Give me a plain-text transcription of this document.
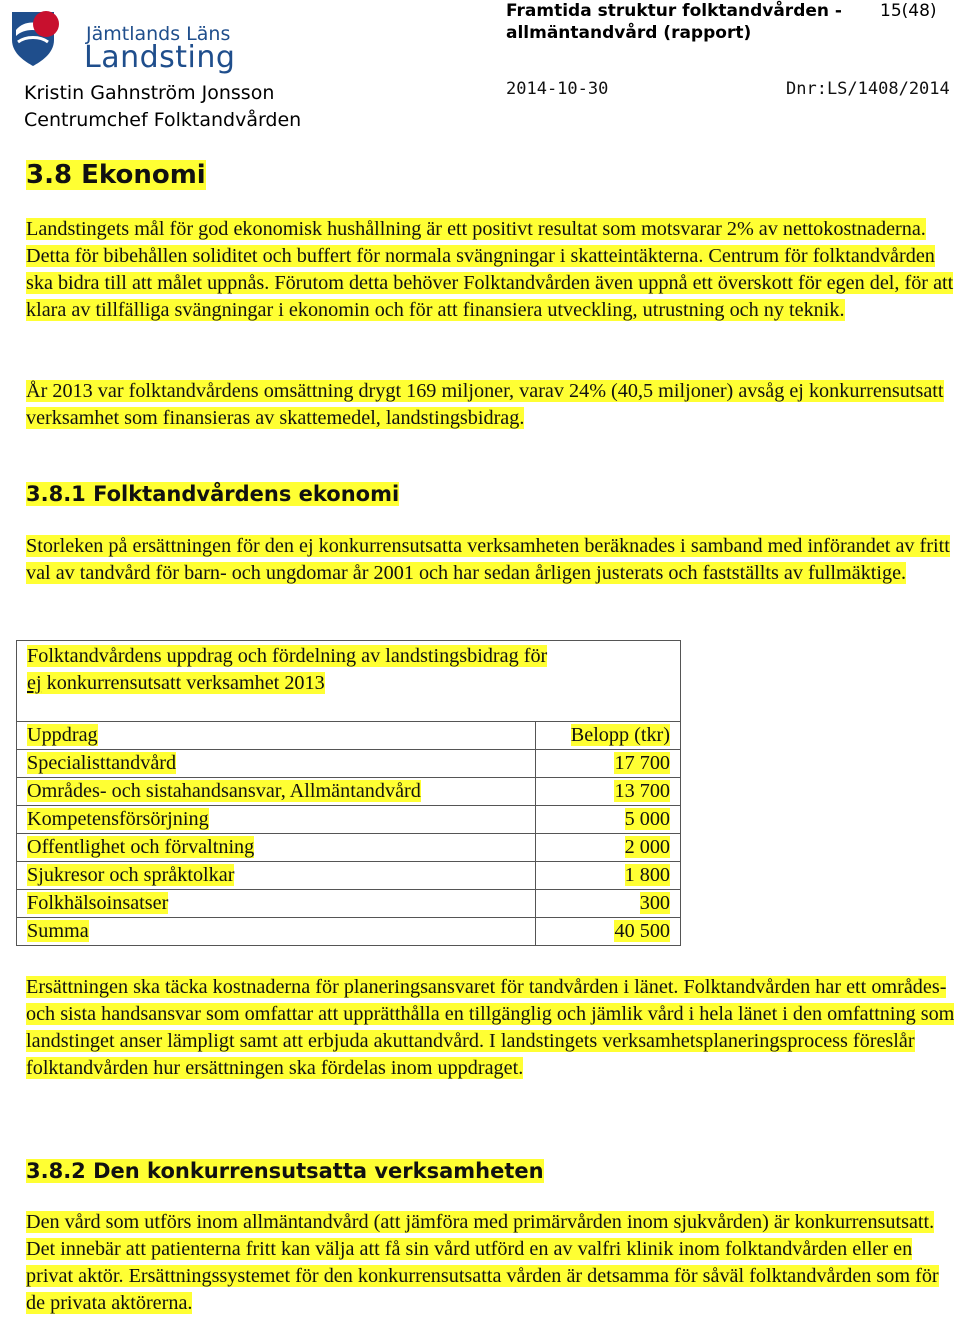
Jämtlands Läns
Landsting
Kristin Gahnström Jonsson
Centrumchef Folktandvården
Framtida struktur folktandvården -
allmäntandvård (rapport)
15(48)
2014-10-30	Dnr:LS/1408/2014
3.8 Ekonomi

Landstingets mål för god ekonomisk hushållning är ett positivt resultat som motsvarar 2% av nettokostnaderna. Detta för bibehållen soliditet och buffert för normala svängningar i skatteintäkterna. Centrum för folktandvården ska bidra till att målet uppnås. Förutom detta behöver Folktandvården även uppnå ett överskott för egen del, för att klara av tillfälliga svängningar i ekonomin och för att finansiera utveckling, utrustning och ny teknik.

År 2013 var folktandvårdens omsättning drygt 169 miljoner, varav 24% (40,5 miljoner) avsåg ej konkurrensutsatt verksamhet som finansieras av skattemedel, landstingsbidrag.

3.8.1 Folktandvårdens ekonomi

Storleken på ersättningen för den ej konkurrensutsatta verksamheten beräknades i samband med införandet av fritt val av tandvård för barn- och ungdomar år 2001 och har sedan årligen justerats och fastställts av fullmäktige.

Folktandvårdens uppdrag och fördelning av landstingsbidrag för
ej konkurrensutsatt verksamhet 2013
Uppdrag	Belopp (tkr)
Specialisttandvård	17 700
Områdes- och sistahandsansvar, Allmäntandvård	13 700
Kompetensförsörjning	5 000
Offentlighet och förvaltning	2 000
Sjukresor och språktolkar	1 800
Folkhälsoinsatser	300
Summa	40 500

Ersättningen ska täcka kostnaderna för planeringsansvaret för tandvården i länet. Folktandvården har ett områdes- och sista handsansvar som omfattar att upprätthålla en tillgänglig och jämlik vård i hela länet i den omfattning som landstinget anser lämpligt samt att erbjuda akuttandvård. I landstingets verksamhetsplaneringsprocess föreslår folktandvården hur ersättningen ska fördelas inom uppdraget.

3.8.2 Den konkurrensutsatta verksamheten

Den vård som utförs inom allmäntandvård (att jämföra med primärvården inom sjukvården) är konkurrensutsatt. Det innebär att patienterna fritt kan välja att få sin vård utförd en av valfri klinik inom folktandvården eller en privat aktör. Ersättningssystemet för den konkurrensutsatta vården är detsamma för såväl folktandvården som för de privata aktörerna.
